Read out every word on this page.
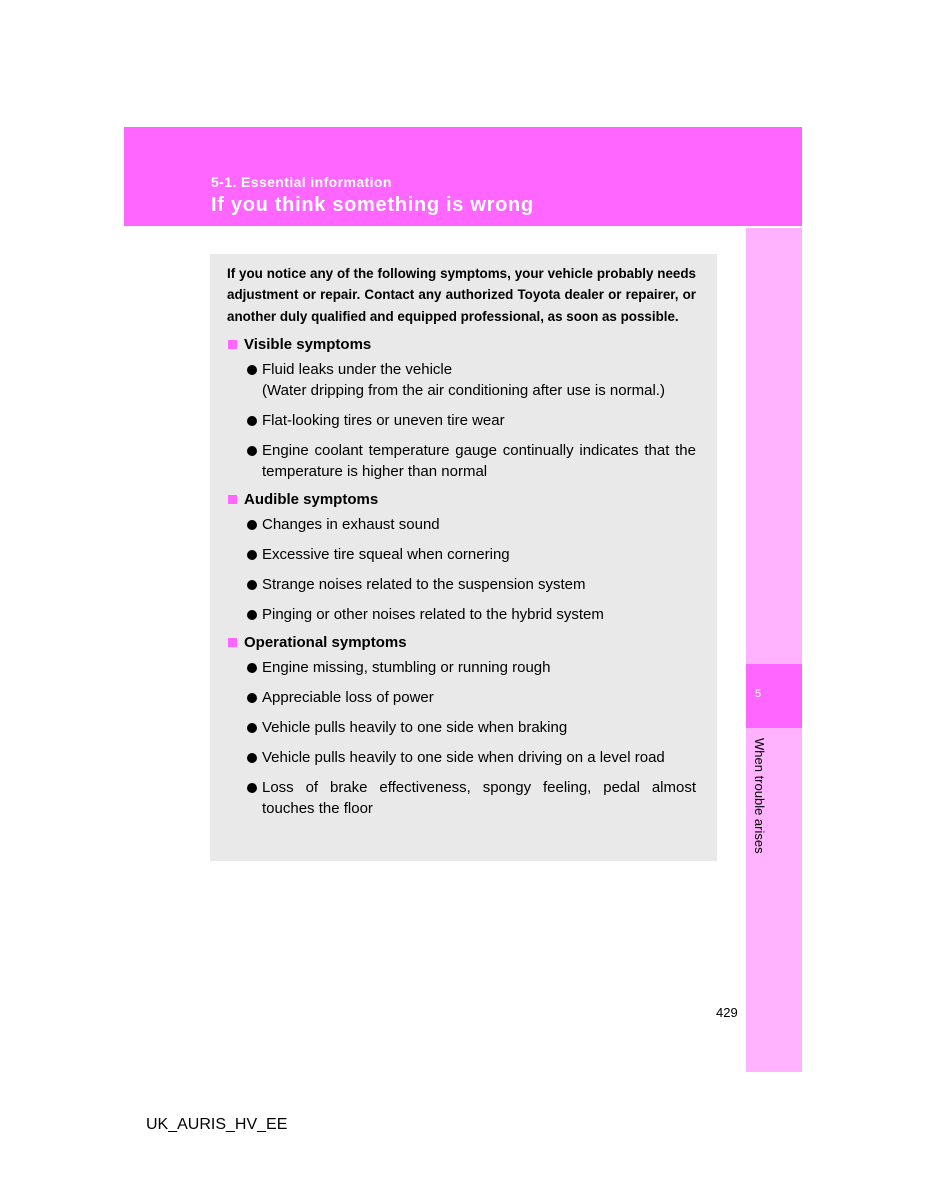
5-1. Essential information
If you think something is wrong
5
When trouble arises

If you notice any of the following symptoms, your vehicle probably needs adjustment or repair. Contact any authorized Toyota dealer or repairer, or another duly qualified and equipped professional, as soon as possible.

Visible symptoms
Fluid leaks under the vehicle
(Water dripping from the air conditioning after use is normal.)
Flat-looking tires or uneven tire wear
Engine coolant temperature gauge continually indicates that the temperature is higher than normal
Audible symptoms
Changes in exhaust sound
Excessive tire squeal when cornering
Strange noises related to the suspension system
Pinging or other noises related to the hybrid system
Operational symptoms
Engine missing, stumbling or running rough
Appreciable loss of power
Vehicle pulls heavily to one side when braking
Vehicle pulls heavily to one side when driving on a level road
Loss of brake effectiveness, spongy feeling, pedal almost touches the floor
429
UK_AURIS_HV_EE
